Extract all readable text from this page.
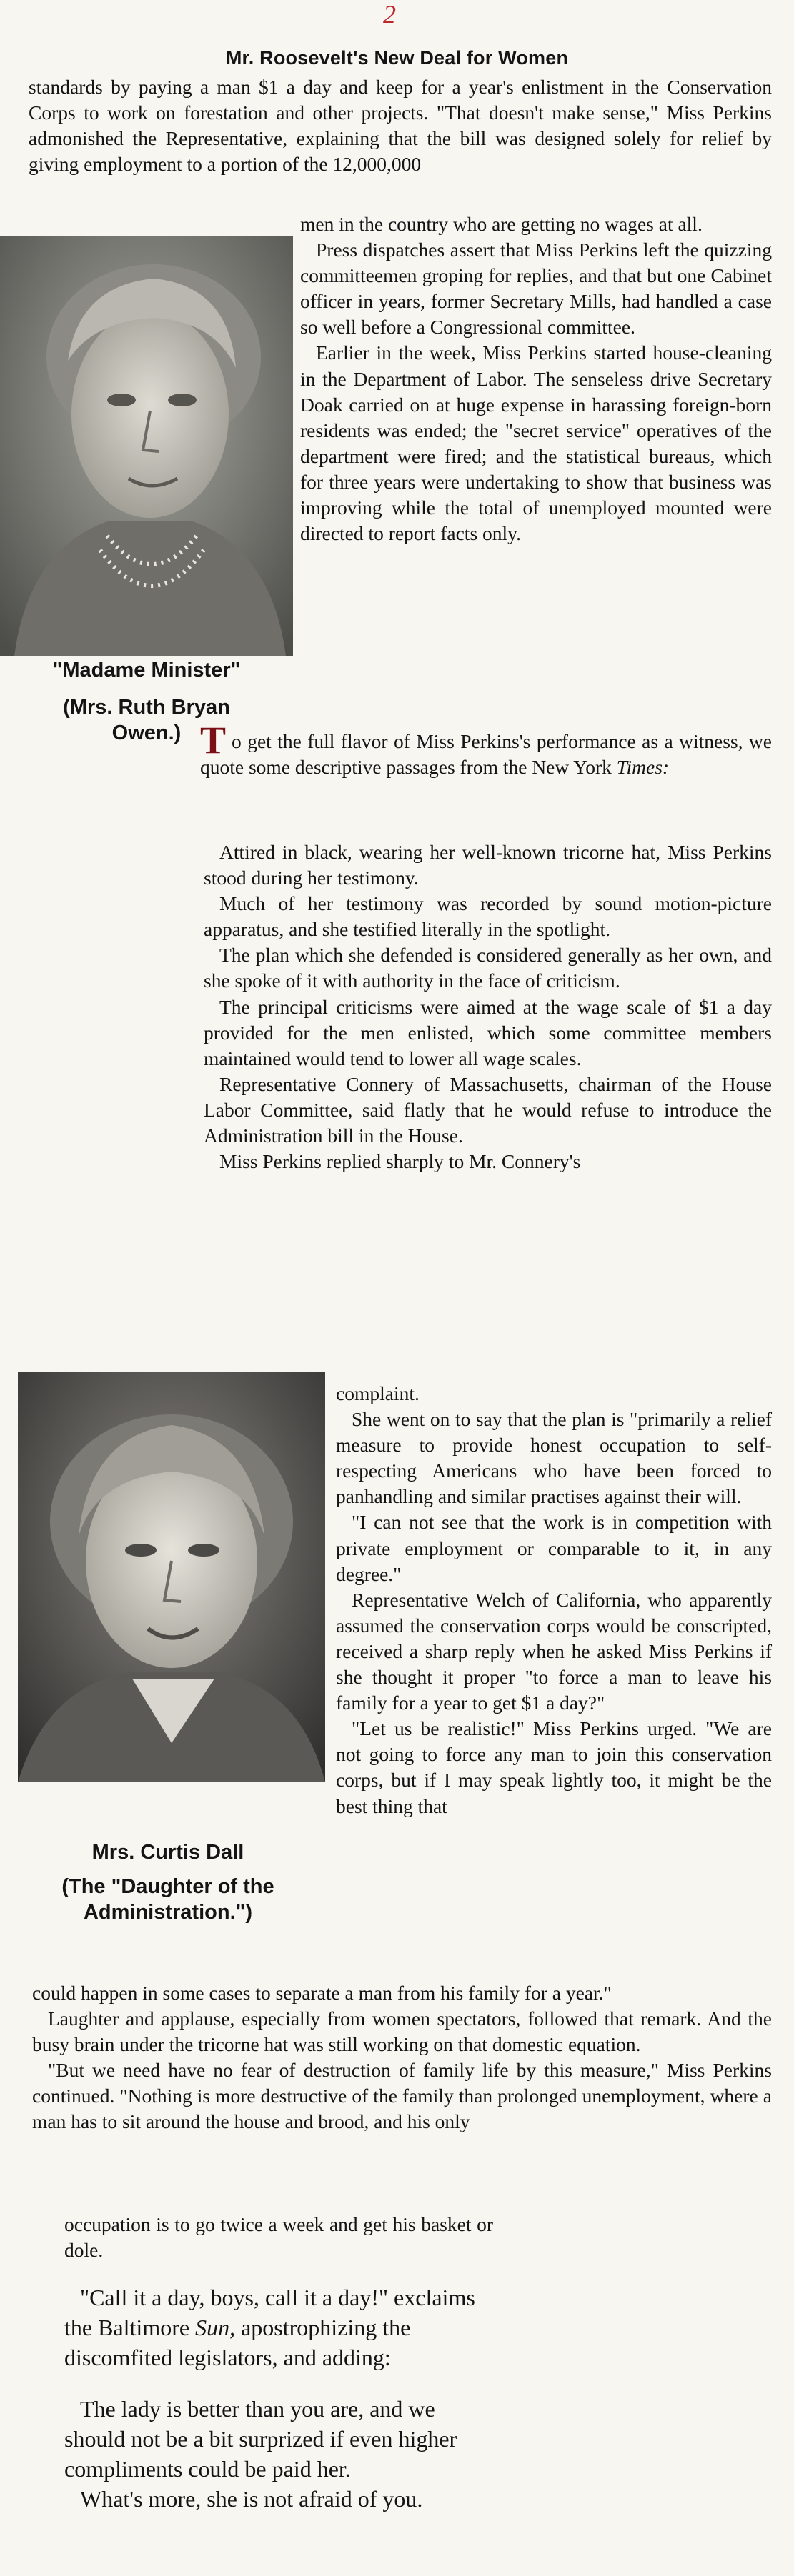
2
Mr. Roosevelt's New Deal for Women

standards by paying a man $1 a day and keep for a year's enlistment in the Conservation Corps to work on forestation and other projects. "That doesn't make sense," Miss Perkins admonished the Representative, explaining that the bill was designed solely for relief by giving employment to a portion of the 12,000,000

men in the country who are getting no wages at all.

Press dispatches assert that Miss Perkins left the quizzing committeemen groping for replies, and that but one Cabinet officer in years, former Secretary Mills, had handled a case so well before a Congressional committee.

Earlier in the week, Miss Perkins started house-cleaning in the Department of Labor. The senseless drive Secretary Doak carried on at huge expense in harassing foreign-born residents was ended; the "secret service" operatives of the department were fired; and the statistical bureaus, which for three years were undertaking to show that business was improving while the total of unemployed mounted were directed to report facts only.

"Madame Minister"
(Mrs. Ruth Bryan
Owen.) To get the full flavor of Miss Perkins's performance as a witness, we quote some descriptive passages from the New York Times:

Attired in black, wearing her well-known tricorne hat, Miss Perkins stood during her testimony.

Much of her testimony was recorded by sound motion-picture apparatus, and she testified literally in the spotlight.

The plan which she defended is considered generally as her own, and she spoke of it with authority in the face of criticism.

The principal criticisms were aimed at the wage scale of $1 a day provided for the men enlisted, which some committee members maintained would tend to lower all wage scales.

Representative Connery of Massachusetts, chairman of the House Labor Committee, said flatly that he would refuse to introduce the Administration bill in the House.

Miss Perkins replied sharply to Mr. Connery's

complaint.

She went on to say that the plan is "primarily a relief measure to provide honest occupation to self-respecting Americans who have been forced to panhandling and similar practises against their will.

"I can not see that the work is in competition with private employment or comparable to it, in any degree."

Representative Welch of California, who apparently assumed the conservation corps would be conscripted, received a sharp reply when he asked Miss Perkins if she thought it proper "to force a man to leave his family for a year to get $1 a day?"

"Let us be realistic!" Miss Perkins urged. "We are not going to force any man to join this conservation corps, but if I may speak lightly too, it might be the best thing that

Mrs. Curtis Dall
(The "Daughter of the
Administration.")

could happen in some cases to separate a man from his family for a year."

Laughter and applause, especially from women spectators, followed that remark. And the busy brain under the tricorne hat was still working on that domestic equation.

"But we need have no fear of destruction of family life by this measure," Miss Perkins continued. "Nothing is more destructive of the family than prolonged unemployment, where a man has to sit around the house and brood, and his only

occupation is to go twice a week and get his basket or dole.

"Call it a day, boys, call it a day!" exclaims the Baltimore Sun, apostrophizing the discomfited legislators, and adding:

The lady is better than you are, and we should not be a bit surprized if even higher compliments could be paid her.

What's more, she is not afraid of you.
